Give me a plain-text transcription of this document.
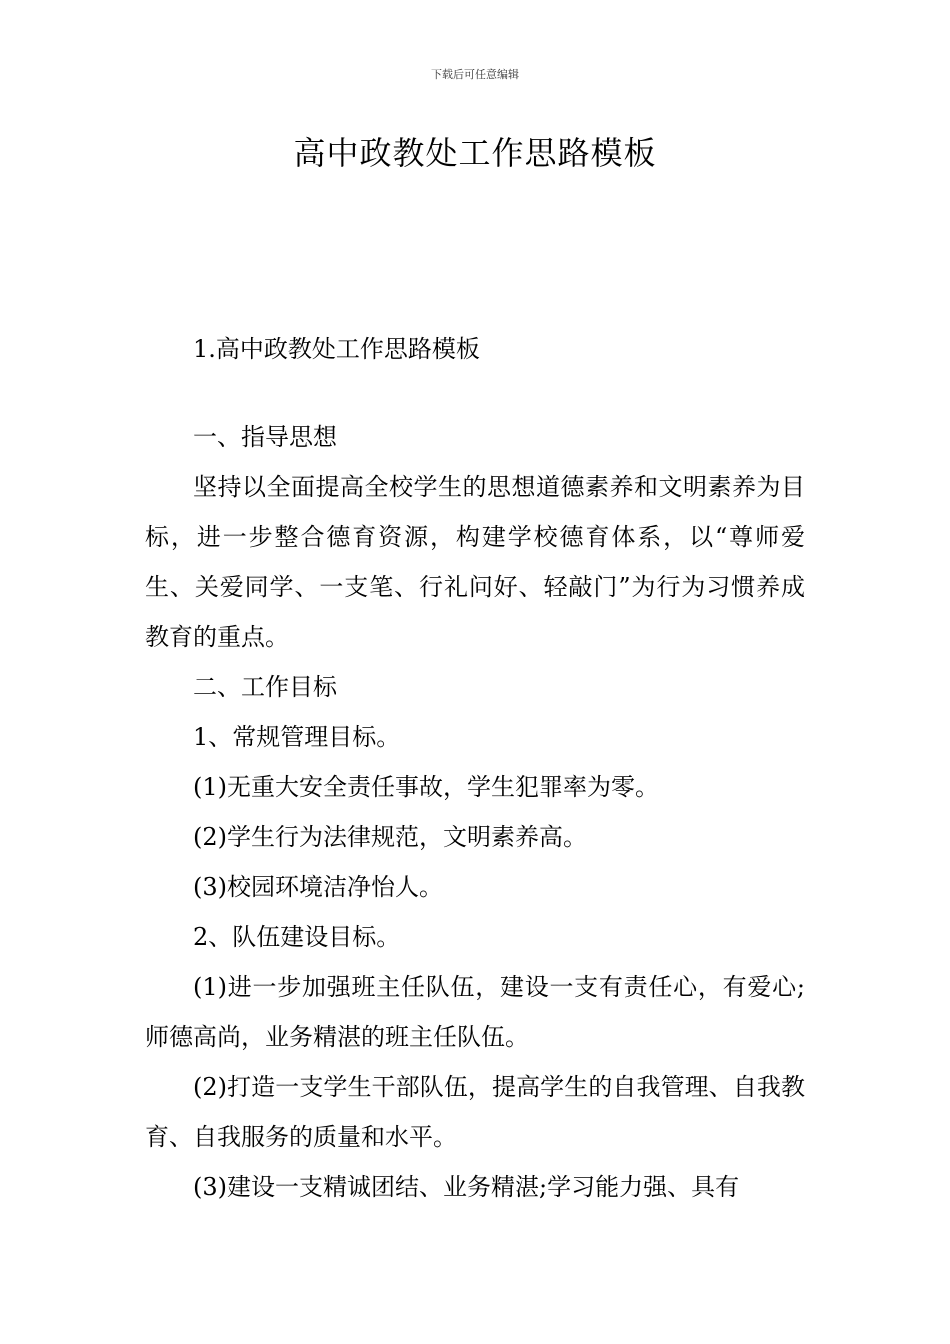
下载后可任意编辑
高中政教处工作思路模板

1.高中政教处工作思路模板

一、指导思想

坚持以全面提高全校学生的思想道德素养和文明素养为目标，进一步整合德育资源，构建学校德育体系，以“尊师爱生、关爱同学、一支笔、行礼问好、轻敲门”为行为习惯养成教育的重点。

二、工作目标

1、常规管理目标。

(1)无重大安全责任事故，学生犯罪率为零。

(2)学生行为法律规范，文明素养高。

(3)校园环境洁净怡人。

2、队伍建设目标。

(1)进一步加强班主任队伍，建设一支有责任心，有爱心;师德高尚，业务精湛的班主任队伍。

(2)打造一支学生干部队伍，提高学生的自我管理、自我教育、自我服务的质量和水平。

(3)建设一支精诚团结、业务精湛;学习能力强、具有
